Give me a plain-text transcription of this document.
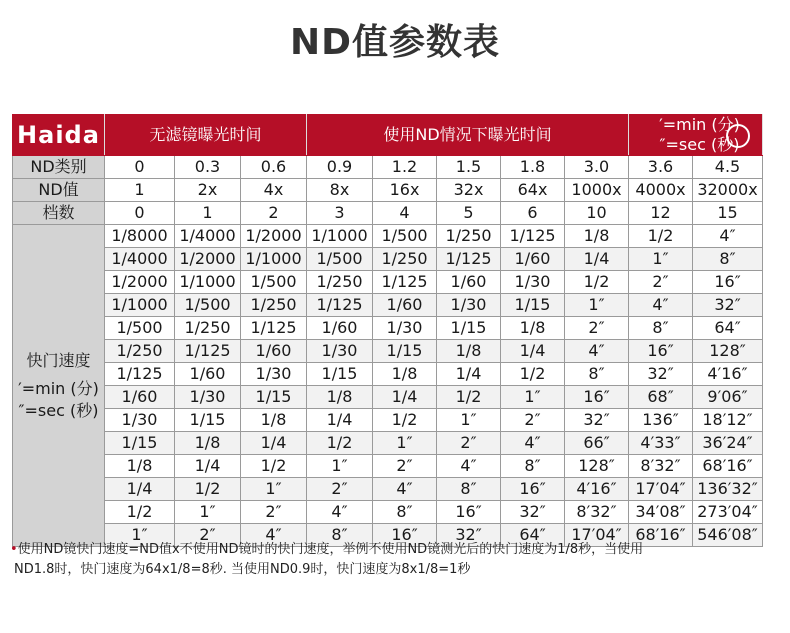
ND值参数表
Haida	无滤镜曝光时间			使用ND情况下曝光时间					′=min (分)
″=sec (秒)	

ND类别	0	0.3	0.6	0.9	1.2	1.5	1.8	3.0	3.6	4.5
ND值	1	2x	4x	8x	16x	32x	64x	1000x	4000x	32000x
档数	0	1	2	3	4	5	6	10	12	15

快门速度
′=min (分)
″=sec (秒)	1/8000	1/4000	1/2000	1/1000	1/500	1/250	1/125	1/8	1/2	4″
	1/4000	1/2000	1/1000	1/500	1/250	1/125	1/60	1/4	1″	8″
	1/2000	1/1000	1/500	1/250	1/125	1/60	1/30	1/2	2″	16″
	1/1000	1/500	1/250	1/125	1/60	1/30	1/15	1″	4″	32″
	1/500	1/250	1/125	1/60	1/30	1/15	1/8	2″	8″	64″
	1/250	1/125	1/60	1/30	1/15	1/8	1/4	4″	16″	128″
	1/125	1/60	1/30	1/15	1/8	1/4	1/2	8″	32″	4′16″
	1/60	1/30	1/15	1/8	1/4	1/2	1″	16″	68″	9′06″
	1/30	1/15	1/8	1/4	1/2	1″	2″	32″	136″	18′12″
	1/15	1/8	1/4	1/2	1″	2″	4″	66″	4′33″	36′24″
	1/8	1/4	1/2	1″	2″	4″	8″	128″	8′32″	68′16″
	1/4	1/2	1″	2″	4″	8″	16″	4′16″	17′04″	136′32″
	1/2	1″	2″	4″	8″	16″	32″	8′32″	34′08″	273′04″
	1″	2″	4″	8″	16″	32″	64″	17′04″	68′16″	546′08″
•使用ND镜快门速度=ND值x不使用ND镜时的快门速度，举例不使用ND镜测光后的快门速度为1/8秒，当使用
ND1.8时，快门速度为64x1/8=8秒. 当使用ND0.9时，快门速度为8x1/8=1秒
